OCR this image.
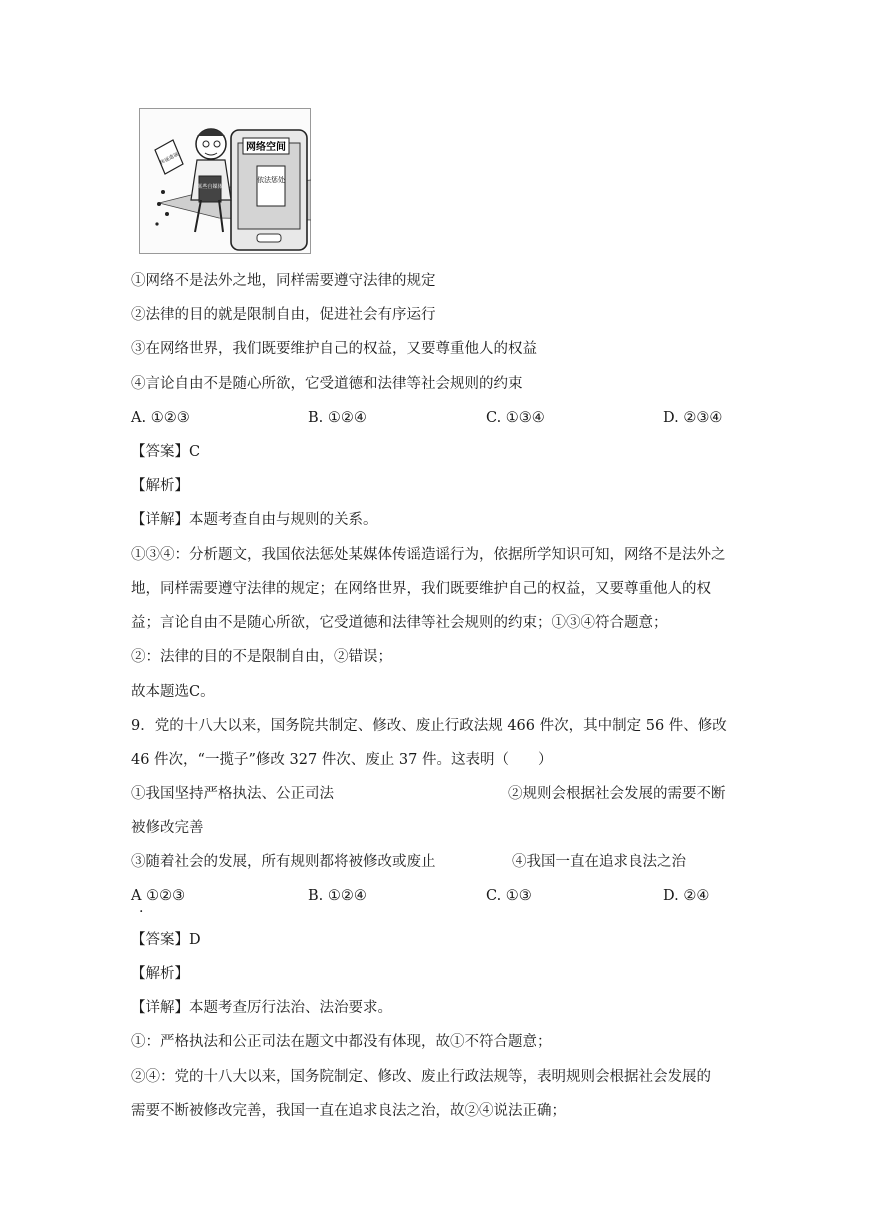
网络空间
依法惩处
某些自媒体
传谣造谣
①网络不是法外之地，同样需要遵守法律的规定
②法律的目的就是限制自由，促进社会有序运行
③在网络世界，我们既要维护自己的权益，又要尊重他人的权益
④言论自由不是随心所欲，它受道德和法律等社会规则的约束
A. ①②③	B. ①②④	C. ①③④	D. ②③④
【答案】C
【解析】
【详解】本题考查自由与规则的关系。
①③④：分析题文，我国依法惩处某媒体传谣造谣行为，依据所学知识可知，网络不是法外之
地，同样需要遵守法律的规定；在网络世界，我们既要维护自己的权益，又要尊重他人的权
益；言论自由不是随心所欲，它受道德和法律等社会规则的约束；①③④符合题意；
②：法律的目的不是限制自由，②错误；
故本题选C。
9．党的十八大以来，国务院共制定、修改、废止行政法规 466 件次，其中制定 56 件、修改
46 件次，“一揽子”修改 327 件次、废止 37 件。这表明（　　）
①我国坚持严格执法、公正司法	②规则会根据社会发展的需要不断
被修改完善
③随着社会的发展，所有规则都将被修改或废止	④我国一直在追求良法之治
A ①②③
.
B. ①②④	C. ①③	D. ②④
【答案】D
【解析】
【详解】本题考查厉行法治、法治要求。
①：严格执法和公正司法在题文中都没有体现，故①不符合题意；
②④：党的十八大以来，国务院制定、修改、废止行政法规等，表明规则会根据社会发展的
需要不断被修改完善，我国一直在追求良法之治，故②④说法正确；
